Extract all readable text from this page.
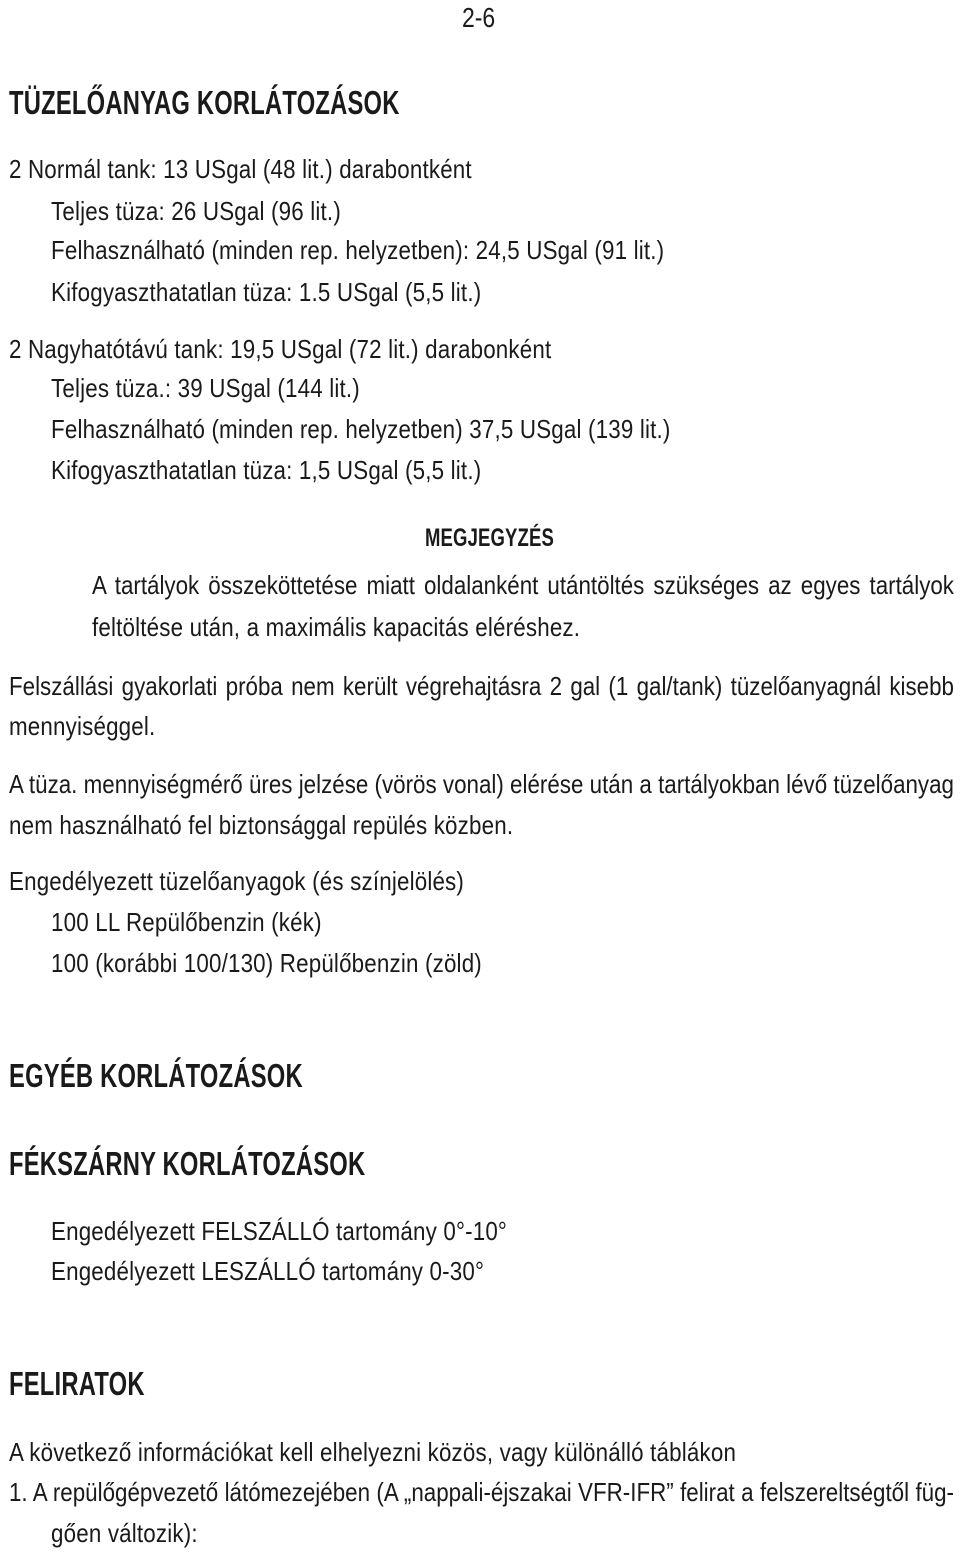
2-6
TÜZELŐANYAG KORLÁTOZÁSOK
2 Normál tank: 13 USgal (48 lit.) darabontként
Teljes tüza: 26 USgal (96 lit.)
Felhasználható (minden rep. helyzetben): 24,5 USgal (91 lit.)
Kifogyaszthatatlan tüza: 1.5 USgal (5,5 lit.)
2 Nagyhatótávú tank: 19,5 USgal (72 lit.) darabonként
Teljes tüza.: 39 USgal (144 lit.)
Felhasználható (minden rep. helyzetben) 37,5 USgal (139 lit.)
Kifogyaszthatatlan tüza: 1,5 USgal (5,5 lit.)
MEGJEGYZÉS
A tartályok összeköttetése miatt oldalanként utántöltés szükséges az egyes tartályok
feltöltése után, a maximális kapacitás eléréshez.
Felszállási gyakorlati próba nem került végrehajtásra 2 gal (1 gal/tank) tüzelőanyagnál kisebb
mennyiséggel.
A tüza. mennyiségmérő üres jelzése (vörös vonal) elérése után a tartályokban lévő tüzelőanyag
nem használható fel biztonsággal repülés közben.
Engedélyezett tüzelőanyagok (és színjelölés)
100 LL Repülőbenzin (kék)
100 (korábbi 100/130) Repülőbenzin (zöld)
EGYÉB KORLÁTOZÁSOK
FÉKSZÁRNY KORLÁTOZÁSOK
Engedélyezett FELSZÁLLÓ tartomány 0°-10°
Engedélyezett LESZÁLLÓ tartomány 0-30°
FELIRATOK
A következő információkat kell elhelyezni közös, vagy különálló táblákon
1. A repülőgépvezető látómezejében (A „nappali-éjszakai VFR-IFR” felirat a felszereltségtől füg-
gően változik):
